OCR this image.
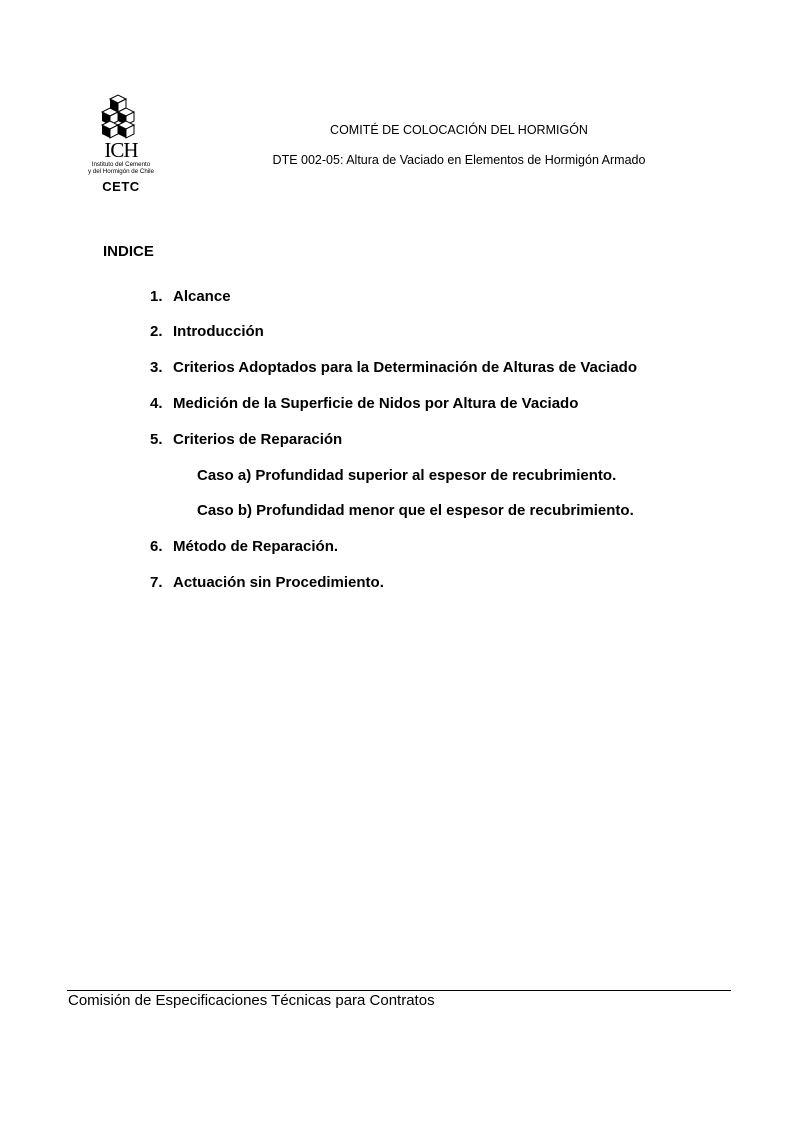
ICH
Instituto del Cemento
y del Hormigón de Chile
CETC
COMITÉ DE COLOCACIÓN DEL HORMIGÓN
DTE 002-05: Altura de Vaciado en Elementos de Hormigón Armado
INDICE
1. Alcance
2. Introducción
3. Criterios Adoptados para la Determinación de Alturas de Vaciado
4. Medición de la Superficie de Nidos por Altura de Vaciado
5. Criterios de Reparación
Caso a) Profundidad superior al espesor de recubrimiento.
Caso b) Profundidad menor que el espesor de recubrimiento.
6. Método de Reparación.
7. Actuación sin Procedimiento.
Comisión de Especificaciones Técnicas para Contratos
